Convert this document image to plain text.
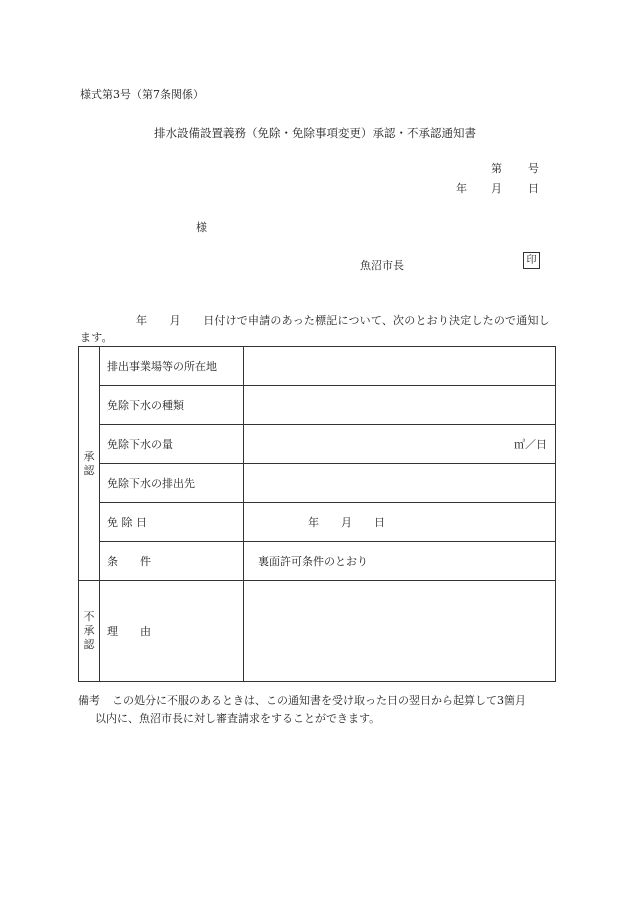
様式第3号（第7条関係）
排水設備設置義務（免除・免除事項変更）承認・不承認通知書
第 号
年 月 日
様
魚沼市長	印
年　　月　　日付けで申請のあった標記について、次のとおり決定したので通知します。
承　　　認	排出事業場等の所在地	
	免除下水の種類	
	免除下水の量	㎥／日
	免除下水の排出先	
	免 除 日	年　　月　　日
	条　　件	裏面許可条件のとおり
不承認	理　　由	
備考 この処分に不服のあるときは、この通知書を受け取った日の翌日から起算して3箇月
以内に、魚沼市長に対し審査請求をすることができます。
